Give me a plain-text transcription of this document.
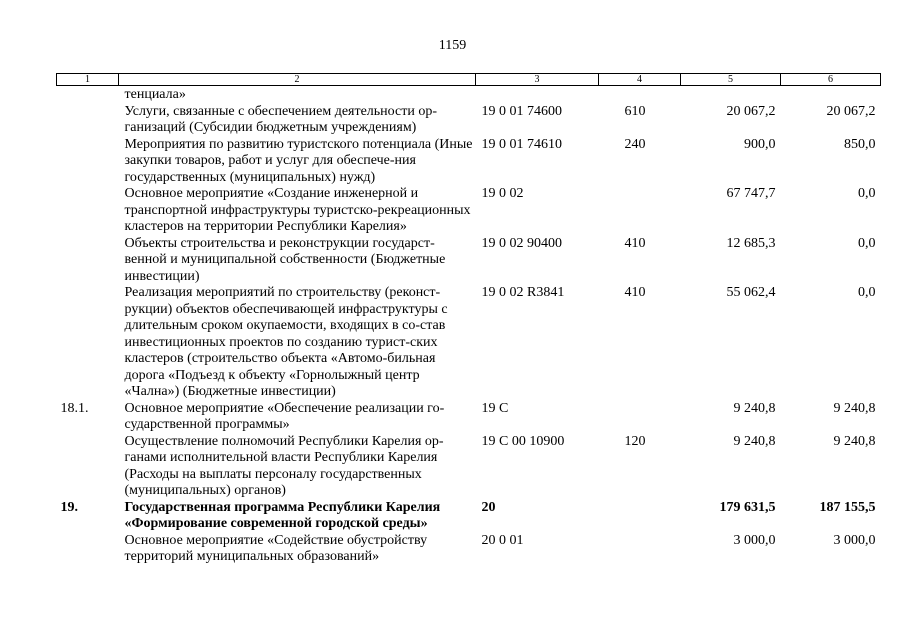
1159
1	2	3	4	5	6
	тенциала»				
	Услуги, связанные с обеспечением деятельности ор-ганизаций (Субсидии бюджетным учреждениям)	19 0 01 74600	610	20 067,2	20 067,2
	Мероприятия по развитию туристского потенциала (Иные закупки товаров, работ и услуг для обеспече-ния государственных (муниципальных) нужд)	19 0 01 74610	240	900,0	850,0
	Основное мероприятие «Создание инженерной и транспортной инфраструктуры туристско-рекреационных кластеров на территории Республики Карелия»	19 0 02		67 747,7	0,0
	Объекты строительства и реконструкции государст-венной и муниципальной собственности (Бюджетные инвестиции)	19 0 02 90400	410	12 685,3	0,0
	Реализация мероприятий по строительству (реконст-рукции) объектов обеспечивающей инфраструктуры с длительным сроком окупаемости, входящих в со-став инвестиционных проектов по созданию турист-ских кластеров (строительство объекта «Автомо-бильная дорога «Подъезд к объекту «Горнолыжный центр «Чална») (Бюджетные инвестиции)	19 0 02 R3841	410	55 062,4	0,0
18.1.	Основное мероприятие «Обеспечение реализации го-сударственной программы»	19 С		9 240,8	9 240,8
	Осуществление полномочий Республики Карелия ор-ганами исполнительной власти Республики Карелия (Расходы на выплаты персоналу государственных (муниципальных) органов)	19 С 00 10900	120	9 240,8	9 240,8
19.	Государственная программа Республики Карелия «Формирование современной городской среды»	20		179 631,5	187 155,5
	Основное мероприятие «Содействие обустройству территорий муниципальных образований»	20 0 01		3 000,0	3 000,0
